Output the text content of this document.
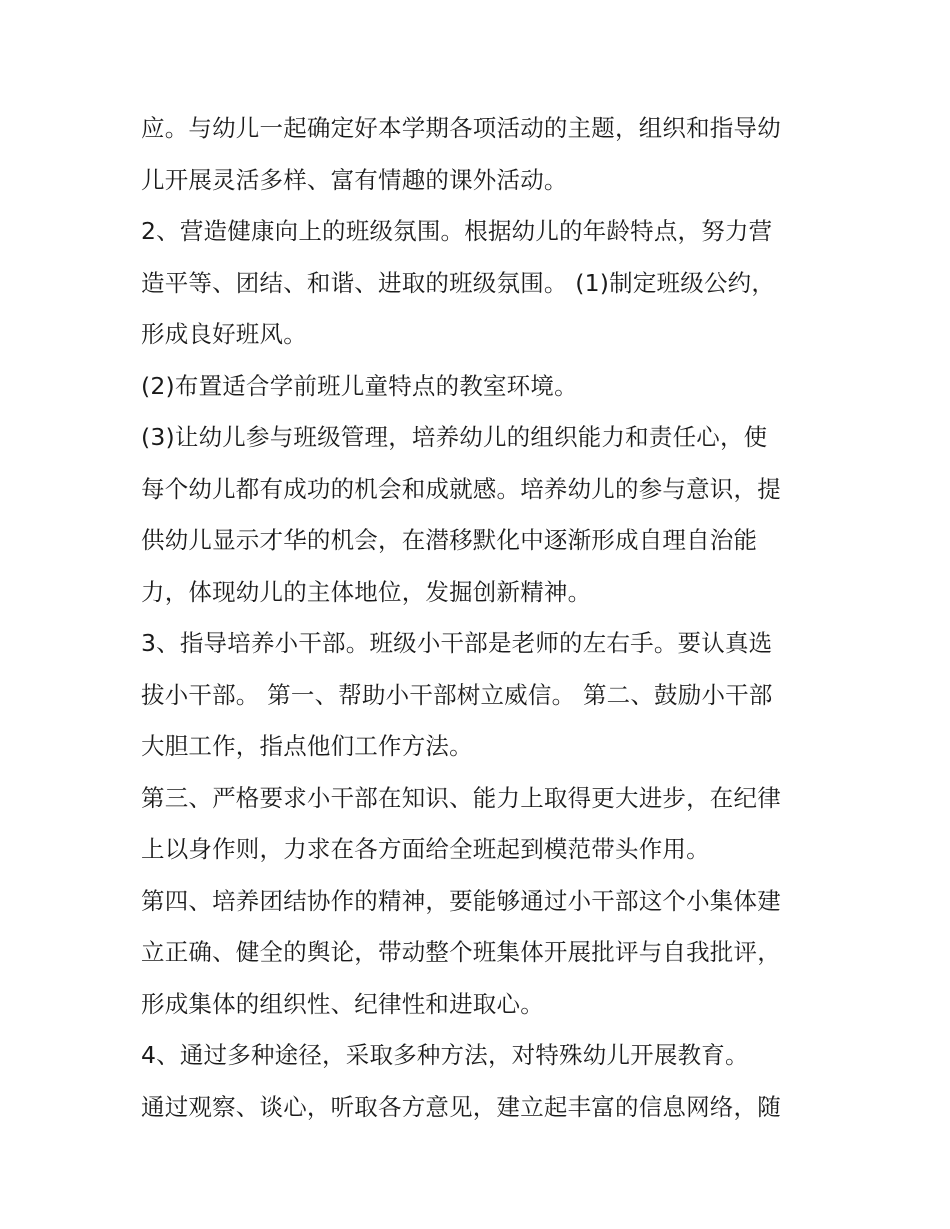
应。与幼儿一起确定好本学期各项活动的主题，组织和指导幼
儿开展灵活多样、富有情趣的课外活动。
2、营造健康向上的班级氛围。根据幼儿的年龄特点，努力营
造平等、团结、和谐、进取的班级氛围。 (1)制定班级公约，
形成良好班风。
(2)布置适合学前班儿童特点的教室环境。
(3)让幼儿参与班级管理，培养幼儿的组织能力和责任心，使
每个幼儿都有成功的机会和成就感。培养幼儿的参与意识，提
供幼儿显示才华的机会，在潜移默化中逐渐形成自理自治能
力，体现幼儿的主体地位，发掘创新精神。
3、指导培养小干部。班级小干部是老师的左右手。要认真选
拔小干部。 第一、帮助小干部树立威信。 第二、鼓励小干部
大胆工作，指点他们工作方法。
第三、严格要求小干部在知识、能力上取得更大进步，在纪律
上以身作则，力求在各方面给全班起到模范带头作用。
第四、培养团结协作的精神，要能够通过小干部这个小集体建
立正确、健全的舆论，带动整个班集体开展批评与自我批评，
形成集体的组织性、纪律性和进取心。
4、通过多种途径，采取多种方法，对特殊幼儿开展教育。
通过观察、谈心，听取各方意见，建立起丰富的信息网络，随
